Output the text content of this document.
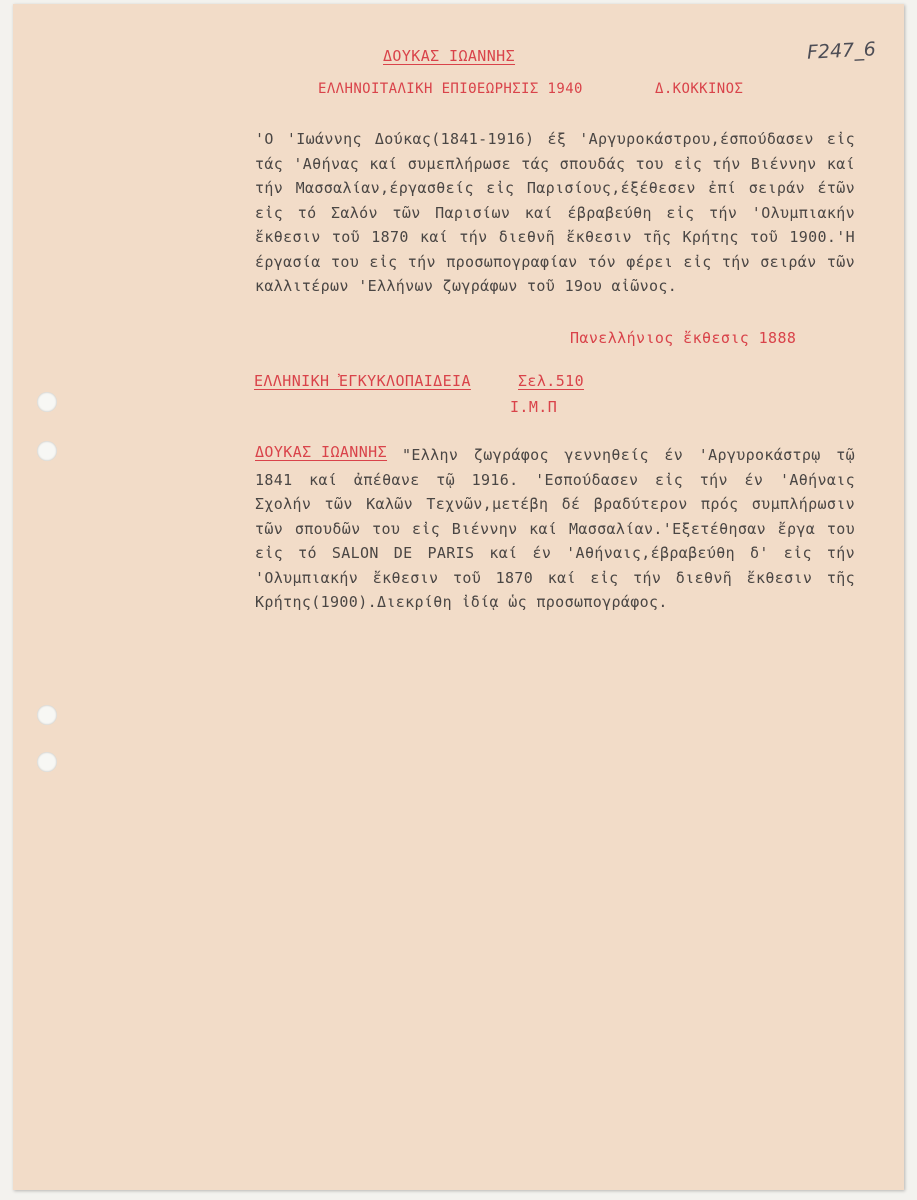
F247_6
ΔΟΥΚΑΣ ΙΩΑΝΝΗΣ
ΕΛΛΗΝΟΙΤΑΛΙΚΗ ΕΠΙΘΕΩΡΗΣΙΣ 1940	Δ.ΚΟΚΚΙΝΟΣ
'Ο 'Ιωάννης Δούκας(1841-1916) έξ 'Αργυροκάστρου,έσπούδασεν εἰς τάς 'Αθήνας καί συμεπλήρωσε τάς σπουδάς του εἰς τήν Βιέννην καί τήν Μασσαλίαν,έργασθείς εἰς Παρισίους,έξέθεσεν ἐπί σειράν έτῶν εἰς τό Σαλόν τῶν Παρισίων καί έβραβεύθη εἰς τήν 'Ολυμπιακήν ἔκθεσιν τοῦ 1870 καί τήν διεθνῆ ἔκθεσιν τῆς Κρήτης τοῦ 1900.'Η έργασία του εἰς τήν προσωπογραφίαν τόν φέρει εἰς τήν σειράν τῶν καλλιτέρων 'Ελλήνων ζωγράφων τοῦ 19ου αἰῶνος.
Πανελλήνιος ἔκθεσις 1888
ΕΛΛΗΝΙΚΗ ἘΓΚΥΚΛΟΠΑΙΔΕΙΑ	Σελ.510
Ι.Μ.Π
ΔΟΥΚΑΣ ΙΩΑΝΝΗΣ "Ελλην ζωγράφος γεννηθείς έν 'Αργυροκάστρῳ τῷ 1841 καί ἀπέθανε τῷ 1916. 'Εσπούδασεν εἰς τήν έν 'Αθήναις Σχολήν τῶν Καλῶν Τεχνῶν,μετέβη δέ βραδύτερον πρός συμπλήρωσιν τῶν σπουδῶν του εἰς Βιέννην καί Μασσαλίαν.'Εξετέθησαν ἔργα του εἰς τό SALON DE PARIS καί έν 'Αθήναις,έβραβεύθη δ' εἰς τήν 'Ολυμπιακήν ἔκθεσιν τοῦ 1870 καί εἰς τήν διεθνῆ ἔκθεσιν τῆς Κρήτης(1900).Διεκρίθη ἰδίᾳ ὡς προσωπογράφος.
